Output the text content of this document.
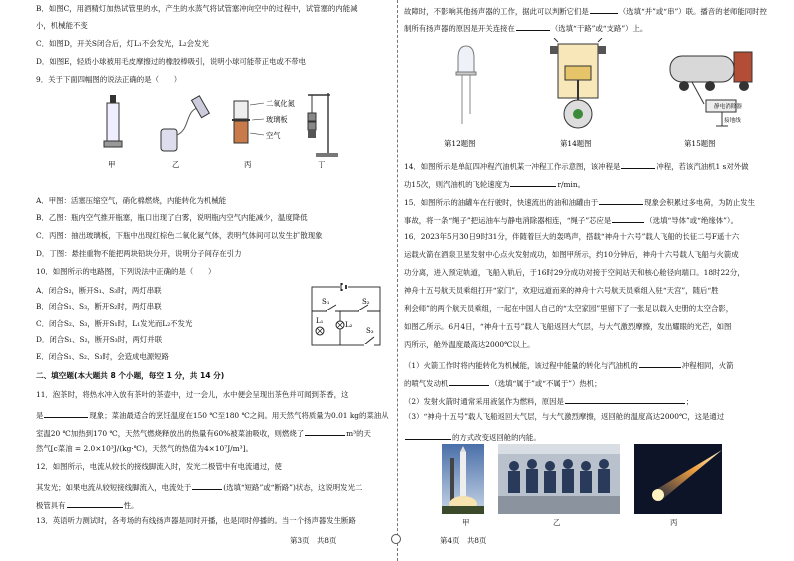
B．如图C，用酒精灯加热试管里的水，产生的水蒸气将试管塞冲向空中的过程中，试管塞的内能减
小，机械能不变
C．如图D，开关S闭合后，灯L₁不会发光，L₂会发光
D．如图E，轻质小球被用毛皮摩擦过的橡胶棒吸引，说明小球可能带正电或不带电
9．关于下面四幅图的说法正确的是（　　）
二氧化氮
玻璃板
空气
甲	乙	丙	丁
A．甲图：活塞压缩空气，硝化棉燃烧，内能转化为机械能
B．乙图：瓶内空气推开瓶塞，瓶口出现了白雾，说明瓶内空气内能减少，温度降低
C．丙图：抽出玻璃板，下瓶中出现红棕色二氧化氮气体，表明气体间可以发生扩散现象
D．丁图：悬挂重物不能把两块铅块分开，说明分子间存在引力
10．如图所示的电路图，下列说法中正确的是（　　）
A．闭合S₂，断开S₁、S₃时，两灯串联
B．闭合S₁、S₃，断开S₂时，两灯串联
C．闭合S₂、S₃，断开S₁时，L₁发光而L₂不发光
D．闭合S₁、S₂，断开S₃时，两灯并联
E．闭合S₁、S₂、S₃时，会造成电源短路
S₁	S₂
L₁	L₂
S₃
二、填空题(本大题共 8 个小题，每空 1 分，共 14 分)
11．泡茶时，将热水冲入放有茶叶的茶壶中，过一会儿，水中便会呈现出茶色并可闻到茶香，这
是	现象；菜油最适合的烹饪温度在150 ℃至180 ℃之间。用天然气将质量为0.01 kg的菜油从
室温20 ℃加热到170 ℃，天然气燃烧释放出的热量有60%被菜油吸收，则燃烧了	m³的天
然气[c菜油 = 2.0×10³J/(kg·℃)，天然气的热值为4×10⁷J/m³]。
12．如图所示，电流从较长的接线脚流入时，发光二极管中有电流通过，使
其发光；如果电流从较短接线脚流入，电流处于	(选填“短路”或“断路”)状态，这说明发光二
极管具有	性。
13．英语听力测试时，各考场的有线扬声器是同时开播，也是同时停播的。当一个扬声器发生断路
第3页　共8页
故障时，不影响其他扬声器的工作，据此可以判断它们是	（选填“并”或“串”）联。播音的老师能同时控
制所有扬声器的原因是开关连接在	（选填“干路”或“支路”）上。
静电消除器
接地线
第12题图	第14题图	第15题图
14．如图所示是单缸四冲程汽油机某一冲程工作示意图，该冲程是	冲程，若该汽油机1 s对外做
功15次，则汽油机的飞轮速度为	r/min。
15．如图所示的油罐车在行驶时，快速流出的油和油罐由于	现象会积累过多电荷，为防止发生
事故，将一条“绳子”把运油车与静电消除器相连，“绳子”芯应是	（选填“导体”或“绝缘体”）。
16．2023年5月30日9时31分，伴随着巨大的轰鸣声，搭载“神舟十六号”载人飞船的长征二号F遥十六
运载火箭在酒泉卫星发射中心点火发射成功，如图甲所示，约10分钟后，神舟十六号载人飞船与火箭成
功分离，进入预定轨道，飞船入轨后，于16时29分成功对接于空间站天和核心舱径向端口。18时22分，
神舟十五号航天员乘组打开“家门”，欢迎远道而来的神舟十六号航天员乘组入驻“天宫”，随后“胜
利会师”的两个航天员乘组，一起在中国人自己的“太空家园”里留下了一张足以载入史册的太空合影，
如图乙所示。6月4日，“神舟十五号”载人飞船返回大气层，与大气激烈摩擦，发出耀眼的光芒，如图
丙所示，舱外温度最高达2000℃以上。
（1）火箭工作时将内能转化为机械能，该过程中能量的转化与汽油机的	冲程相同，火箭
的喷气发动机	（选填“属于”或“不属于”）热机；
（2）发射火箭时通常采用液氢作为燃料，原因是	；
（3）“神舟十五号”载人飞船返回大气层，与大气激烈摩擦，返回舱的温度高达2000℃，这是通过
的方式改变返回舱的内能。
甲	乙	丙
第4页　共8页
